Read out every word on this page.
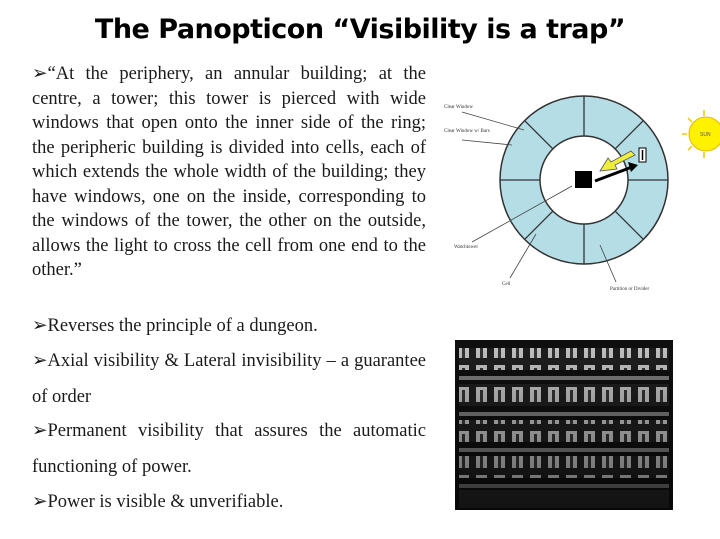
The Panopticon “Visibility is a trap”
➢“At the periphery, an annular building; at the centre, a tower; this tower is pierced with wide windows that open onto the inner side of the ring; the peripheric building is divided into cells, each of which extends the whole width of the building; they have windows, one on the inside, corresponding to the windows of the tower, the other on the outside, allows the light to cross the cell from one end to the other.”
➢Reverses the principle of a dungeon.
➢Axial visibility & Lateral invisibility – a guarantee of order
➢Permanent visibility that assures the automatic functioning of power.
➢Power is visible & unverifiable.
Clear Window
Clear Window w/ Bars
Watchtower
Cell
Partition or Divider
SUN
